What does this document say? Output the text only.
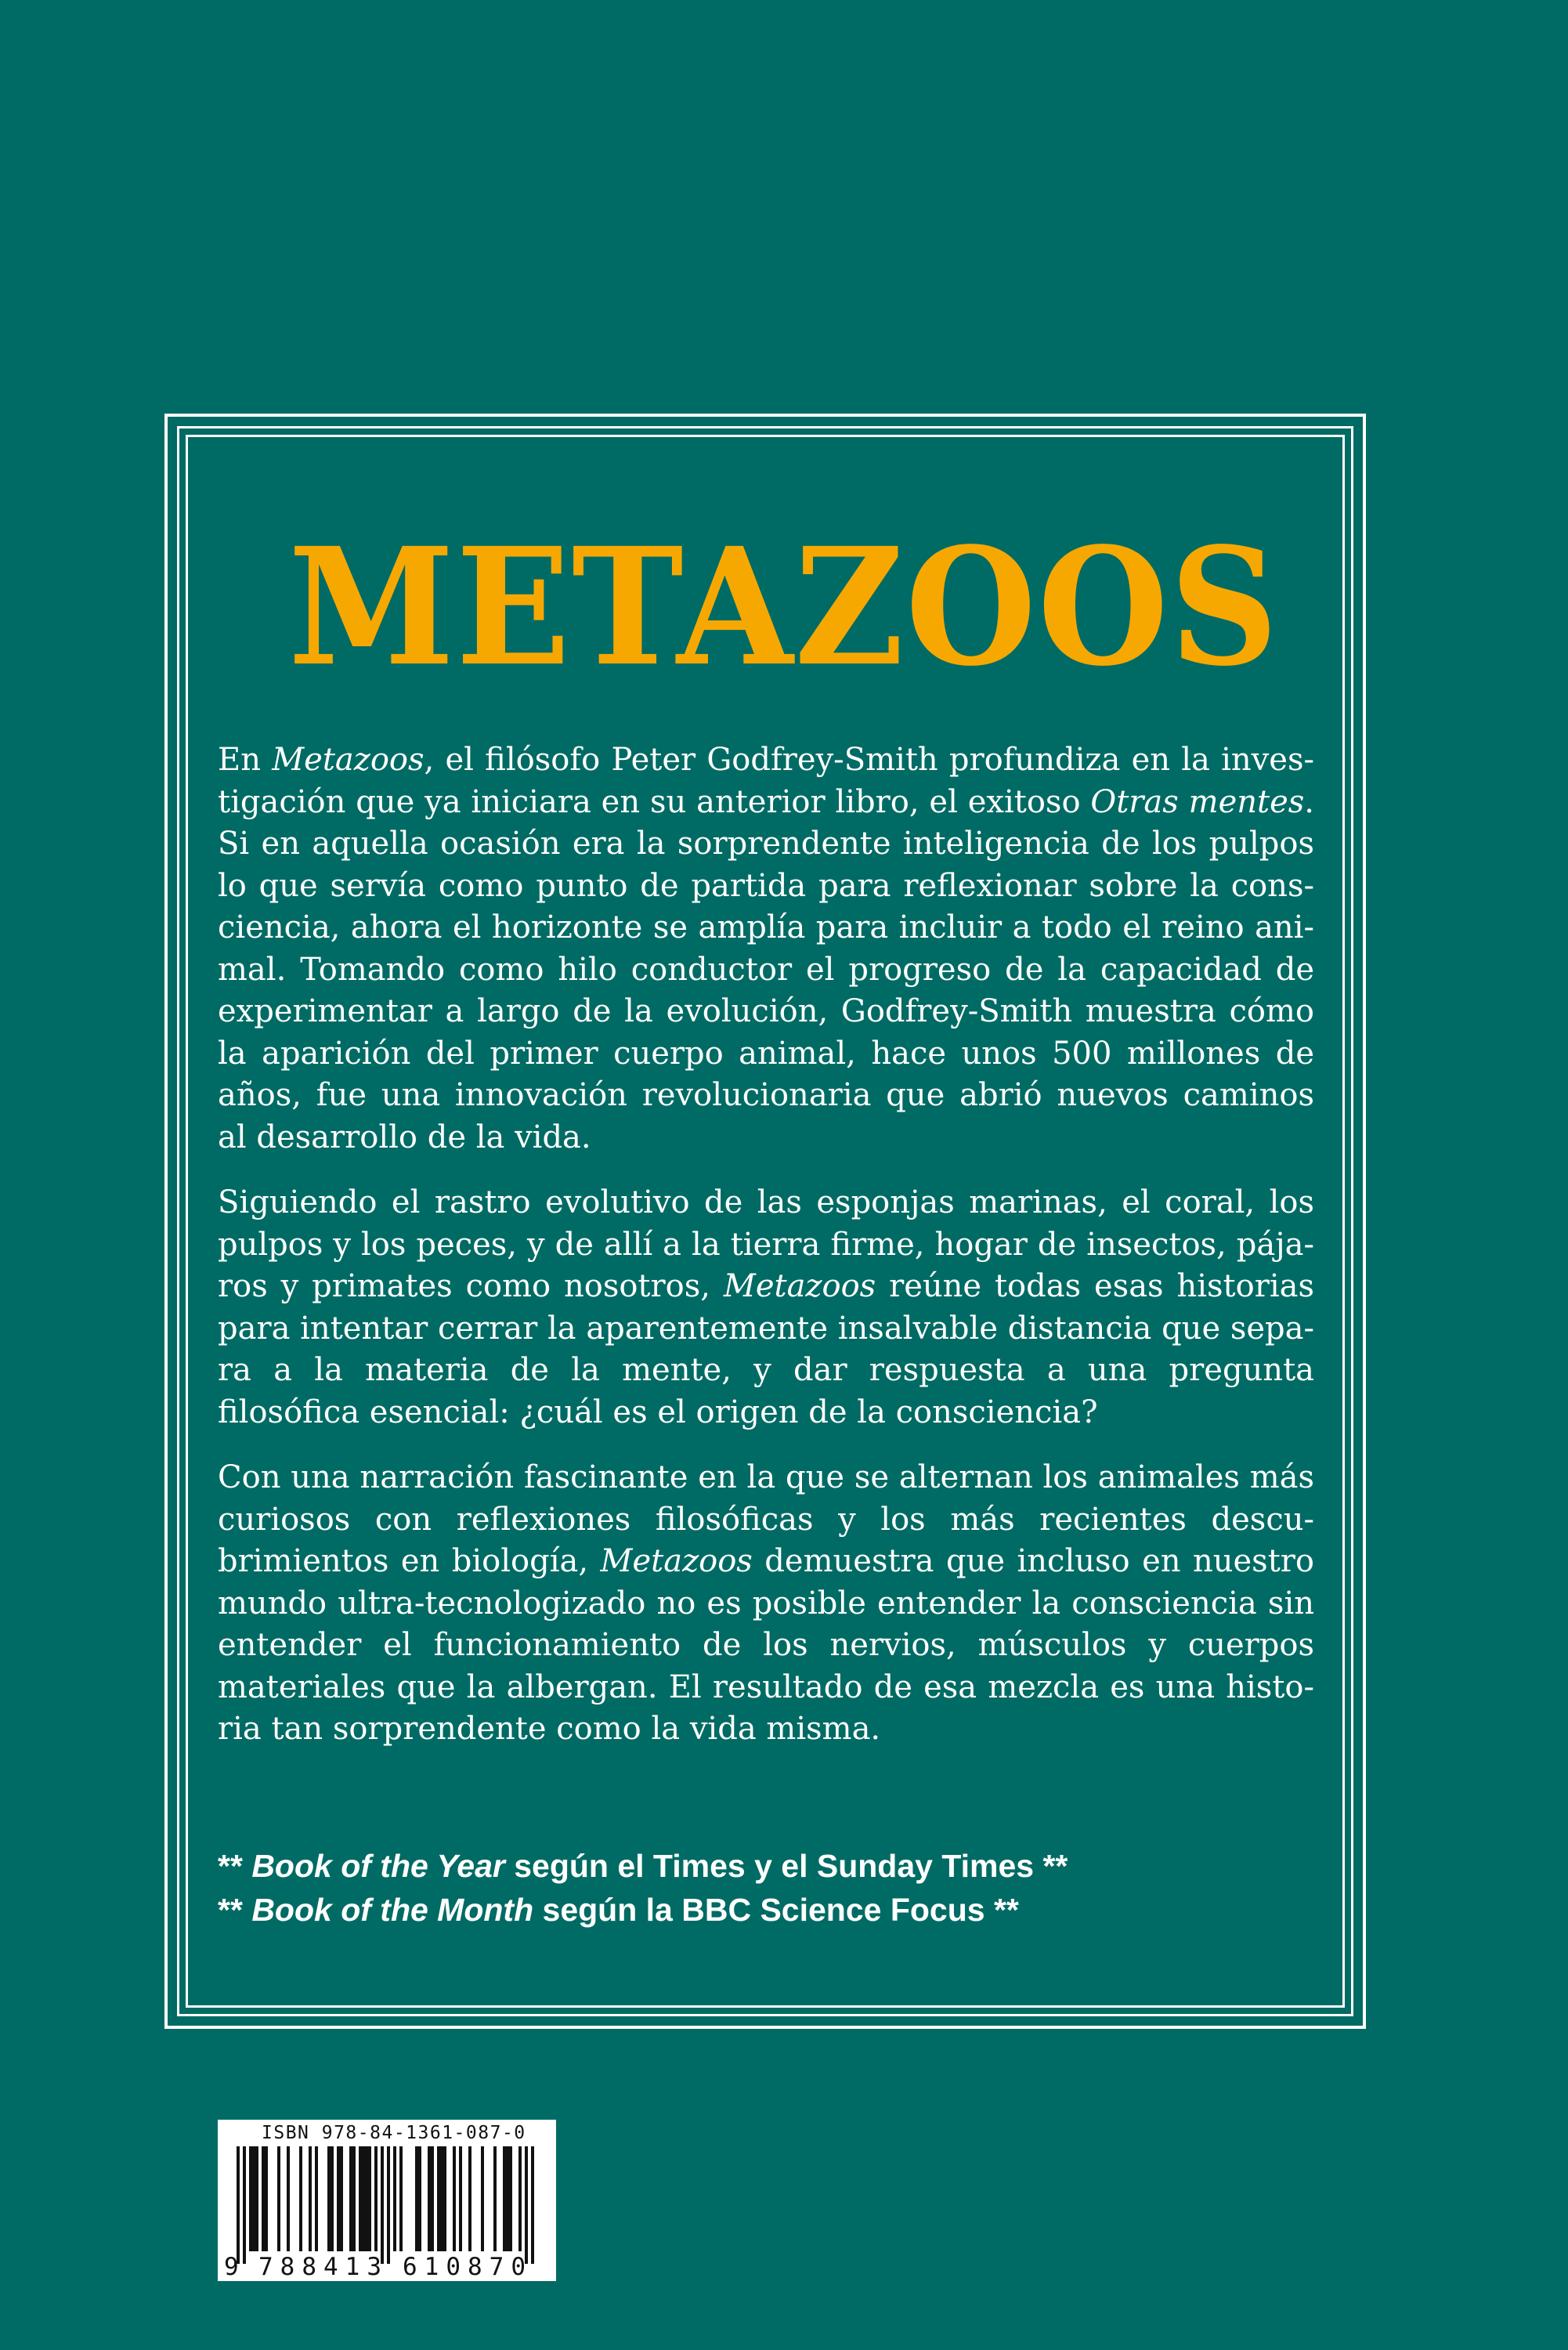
METAZOOS

En Metazoos, el filósofo Peter Godfrey-Smith profundiza en la investigación que ya iniciara en su anterior libro, el exitoso Otras mentes. Si en aquella ocasión era la sorprendente inteligencia de los pulpos lo que servía como punto de partida para reflexionar sobre la consciencia, ahora el horizonte se amplía para incluir a todo el reino animal. Tomando como hilo conductor el progreso de la capacidad de experimentar a largo de la evolución, Godfrey-Smith muestra cómo la aparición del primer cuerpo animal, hace unos 500 millones de años, fue una innovación revolucionaria que abrió nuevos caminos al desarrollo de la vida.

Siguiendo el rastro evolutivo de las esponjas marinas, el coral, los pulpos y los peces, y de allí a la tierra firme, hogar de insectos, pájaros y primates como nosotros, Metazoos reúne todas esas historias para intentar cerrar la aparentemente insalvable distancia que separa a la materia de la mente, y dar respuesta a una pregunta filosófica esencial: ¿cuál es el origen de la consciencia?

Con una narración fascinante en la que se alternan los animales más curiosos con reflexiones filosóficas y los más recientes descubrimientos en biología, Metazoos demuestra que incluso en nuestro mundo ultra-tecnologizado no es posible entender la consciencia sin entender el funcionamiento de los nervios, músculos y cuerpos materiales que la albergan. El resultado de esa mezcla es una historia tan sorprendente como la vida misma.

** Book of the Year según el Times y el Sunday Times **
** Book of the Month según la BBC Science Focus **
ISBN 978-84-1361-087-0
9 788413 610870
